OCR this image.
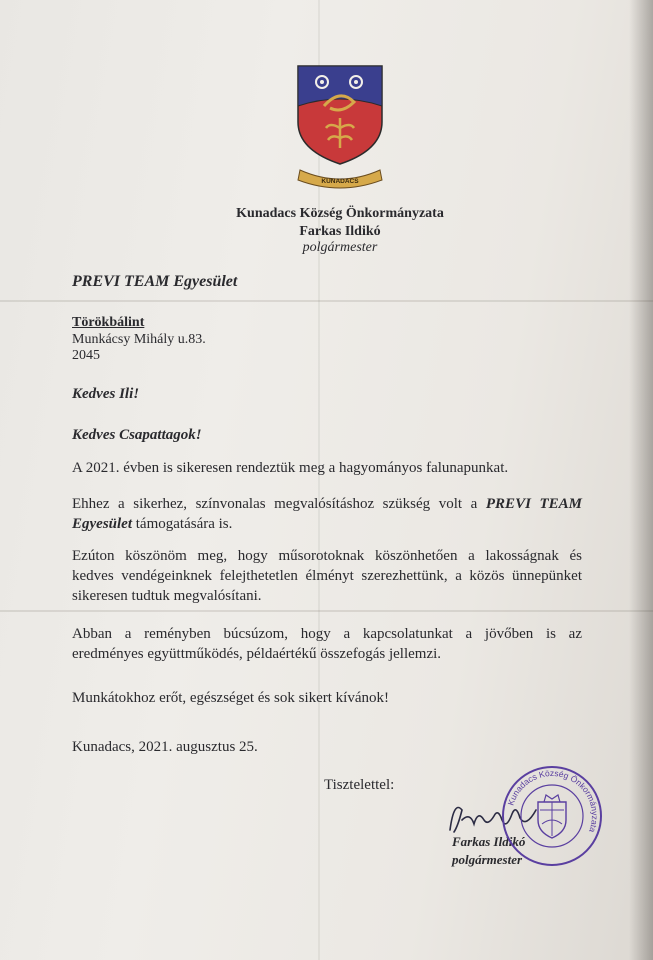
KUNADACS
Kunadacs Község Önkormányzata
Farkas Ildikó
polgármester
PREVI TEAM Egyesület
Törökbálint
Munkácsy Mihály u.83.
2045
Kedves Ili!
Kedves Csapattagok!
A 2021. évben is sikeresen rendeztük meg a hagyományos falunapunkat.
Ehhez a sikerhez, színvonalas megvalósításhoz szükség volt a PREVI TEAM
Egyesület támogatására is.
Ezúton köszönöm meg, hogy műsorotoknak köszönhetően a lakosságnak és
kedves vendégeinknek felejthetetlen élményt szerezhettünk, a közös ünnepünket
sikeresen tudtuk megvalósítani.
Abban a reményben búcsúzom, hogy a kapcsolatunkat a jövőben is az
eredményes együttműködés, példaértékű összefogás jellemzi.
Munkátokhoz erőt, egészséget és sok sikert kívánok!
Kunadacs, 2021. augusztus 25.
Tisztelettel:
Farkas Ildikó
polgármester
Kunadacs Község Önkormányzata
